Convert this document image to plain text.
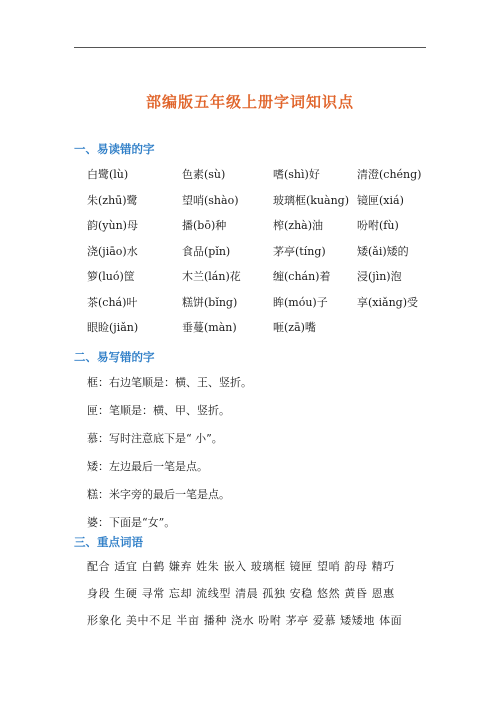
部编版五年级上册字词知识点
一、易读错的字
白鹭(lù)	色素(sù)	嗜(shì)好	清澄(chéng)
朱(zhū)鹭	望哨(shào)	玻璃框(kuàng) 镜匣(xiá)
韵(yùn)母	播(bō)种	榨(zhà)油	吩咐(fù)
浇(jiāo)水	食品(pǐn)	茅亭(tíng)	矮(ǎi)矮的
箩(luó)筐	木兰(lán)花	缠(chán)着 浸(jìn)泡
茶(chá)叶	糕饼(bǐng)	眸(móu)子	享(xiǎng)受
眼睑(jiǎn)	垂蔓(màn)	咂(zā)嘴
二、易写错的字
框：右边笔顺是：横、王、竖折。
匣：笔顺是：横、甲、竖折。
慕：写时注意底下是“ 小”。
矮：左边最后一笔是点。
糕：米字旁的最后一笔是点。
婆：下面是“女”。
三、重点词语
配合 适宜 白鹤 嫌弃 姓朱 嵌入 玻璃框 镜匣 望哨 韵母 精巧
身段 生硬 寻常 忘却 流线型 清晨 孤独 安稳 悠然 黄昏 恩惠
形象化 美中不足 半亩 播种 浇水 吩咐 茅亭 爱慕 矮矮地 体面
